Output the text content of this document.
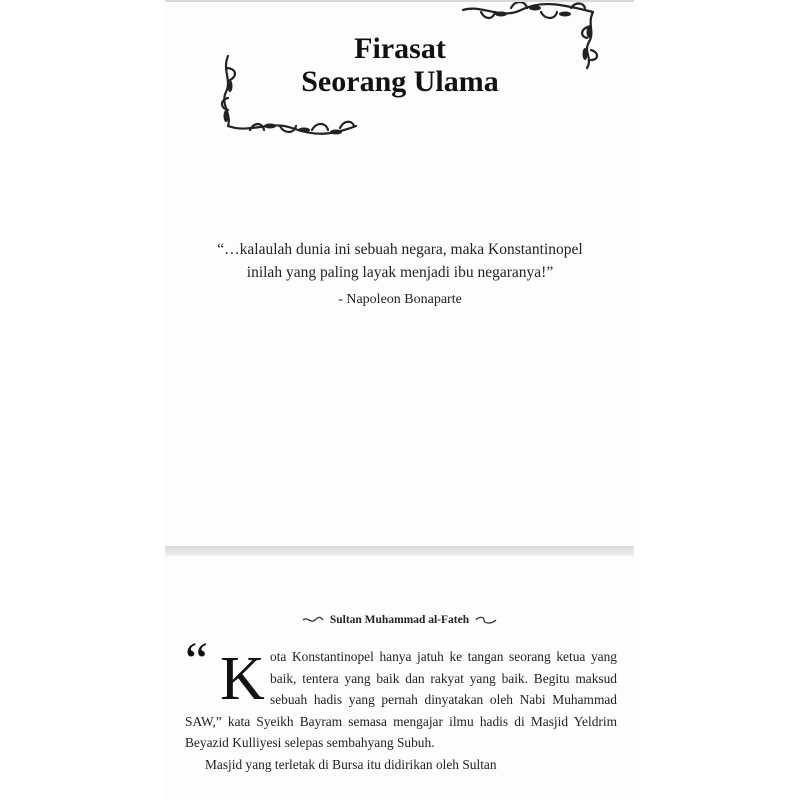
Firasat
Seorang Ulama
“…kalaulah dunia ini sebuah negara, maka Konstantinopel
inilah yang paling layak menjadi ibu negaranya!”
- Napoleon Bonaparte
Sultan Muhammad al-Fateh

“ K ota Konstantinopel hanya jatuh ke tangan seorang ketua yang baik, tentera yang baik dan rakyat yang baik. Begitu maksud sebuah hadis yang pernah dinyatakan oleh Nabi Muhammad SAW,” kata Syeikh Bayram semasa mengajar ilmu hadis di Masjid Yeldrim Beyazid Kulliyesi selepas sembahyang Subuh.

Masjid yang terletak di Bursa itu didirikan oleh Sultan
